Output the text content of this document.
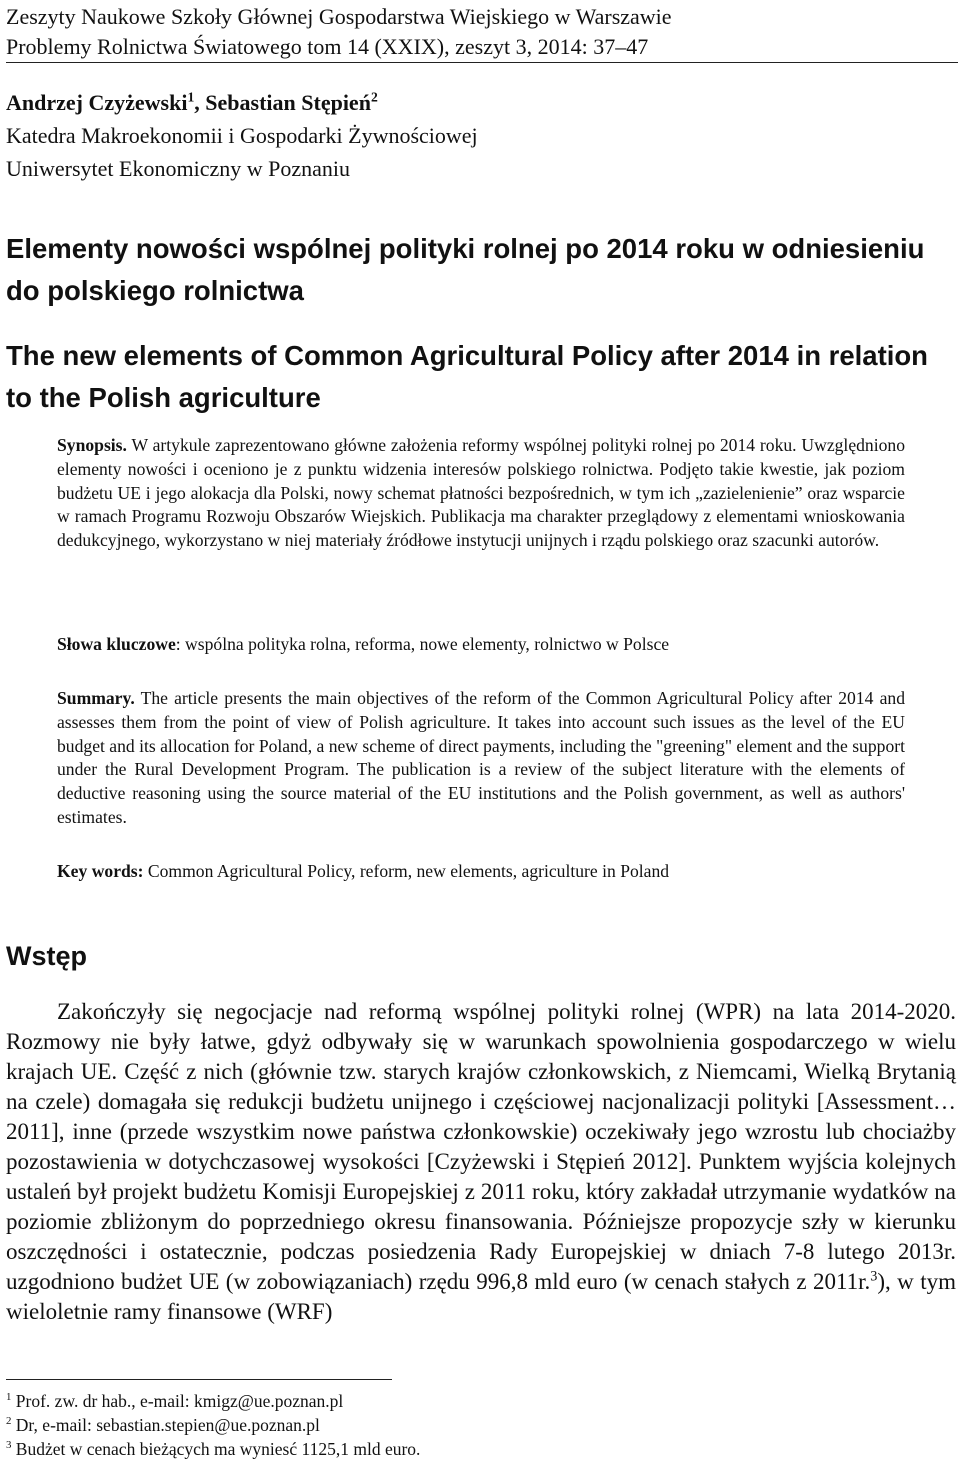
Zeszyty Naukowe Szkoły Głównej Gospodarstwa Wiejskiego w Warszawie
Problemy Rolnictwa Światowego tom 14 (XXIX), zeszyt 3, 2014: 37–47
Andrzej Czyżewski$^1$, Sebastian Stępień$^2$
Katedra Makroekonomii i Gospodarki Żywnościowej
Uniwersytet Ekonomiczny w Poznaniu
Elementy nowości wspólnej polityki rolnej po 2014 roku w odniesieniu do polskiego rolnictwa
The new elements of Common Agricultural Policy after 2014 in relation to the Polish agriculture
Synopsis. W artykule zaprezentowano główne założenia reformy wspólnej polityki rolnej po 2014 roku. Uwzględniono elementy nowości i oceniono je z punktu widzenia interesów polskiego rolnictwa. Podjęto takie kwestie, jak poziom budżetu UE i jego alokacja dla Polski, nowy schemat płatności bezpośrednich, w tym ich „zazielenienie” oraz wsparcie w ramach Programu Rozwoju Obszarów Wiejskich. Publikacja ma charakter przeglądowy z elementami wnioskowania dedukcyjnego, wykorzystano w niej materiały źródłowe instytucji unijnych i rządu polskiego oraz szacunki autorów.
Słowa kluczowe: wspólna polityka rolna, reforma, nowe elementy, rolnictwo w Polsce
Summary. The article presents the main objectives of the reform of the Common Agricultural Policy after 2014 and assesses them from the point of view of Polish agriculture. It takes into account such issues as the level of the EU budget and its allocation for Poland, a new scheme of direct payments, including the "greening" element and the support under the Rural Development Program. The publication is a review of the subject literature with the elements of deductive reasoning using the source material of the EU institutions and the Polish government, as well as authors' estimates.
Key words: Common Agricultural Policy, reform, new elements, agriculture in Poland
Wstęp
Zakończyły się negocjacje nad reformą wspólnej polityki rolnej (WPR) na lata 2014-2020. Rozmowy nie były łatwe, gdyż odbywały się w warunkach spowolnienia gospodarczego w wielu krajach UE. Część z nich (głównie tzw. starych krajów członkowskich, z Niemcami, Wielką Brytanią na czele) domagała się redukcji budżetu unijnego i częściowej nacjonalizacji polityki [Assessment… 2011], inne (przede wszystkim nowe państwa członkowskie) oczekiwały jego wzrostu lub chociażby pozostawienia w dotychczasowej wysokości [Czyżewski i Stępień 2012]. Punktem wyjścia kolejnych ustaleń był projekt budżetu Komisji Europejskiej z 2011 roku, który zakładał utrzymanie wydatków na poziomie zbliżonym do poprzedniego okresu finansowania. Późniejsze propozycje szły w kierunku oszczędności i ostatecznie, podczas posiedzenia Rady Europejskiej w dniach 7-8 lutego 2013r. uzgodniono budżet UE (w zobowiązaniach) rzędu 996,8 mld euro (w cenach stałych z 2011r.$^3$), w tym wieloletnie ramy finansowe (WRF)
$^1$ Prof. zw. dr hab., e-mail: kmigz@ue.poznan.pl
$^2$ Dr, e-mail: sebastian.stepien@ue.poznan.pl
$^3$ Budżet w cenach bieżących ma wyniesć 1125,1 mld euro.
